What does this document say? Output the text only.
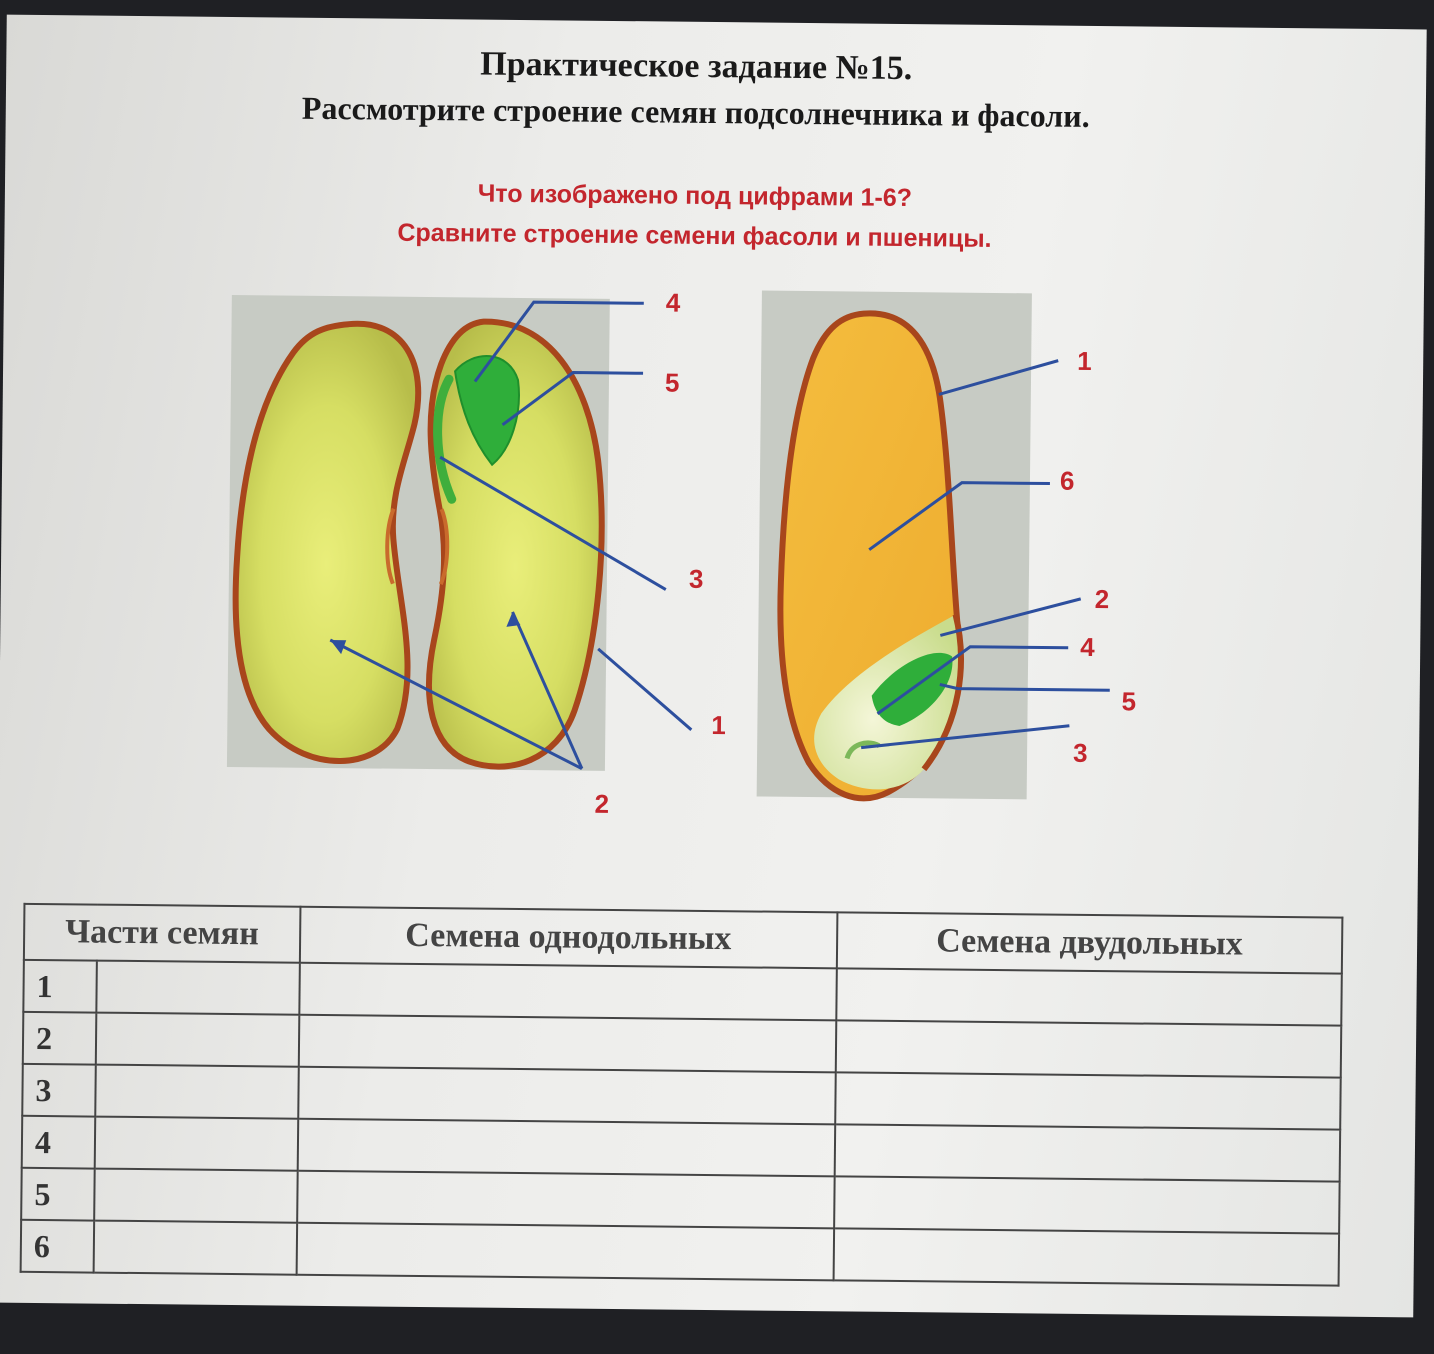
Практическое задание №15.
Рассмотрите строение семян подсолнечника и фасоли.
Что изображено под цифрами 1-6?
Сравните строение семени фасоли и пшеницы.
4
5
3
1
2
1
6
2
4
5
3
Части семян		Семена однодольных	Семена двудольных
1			
2			
3			
4			
5			
6			
